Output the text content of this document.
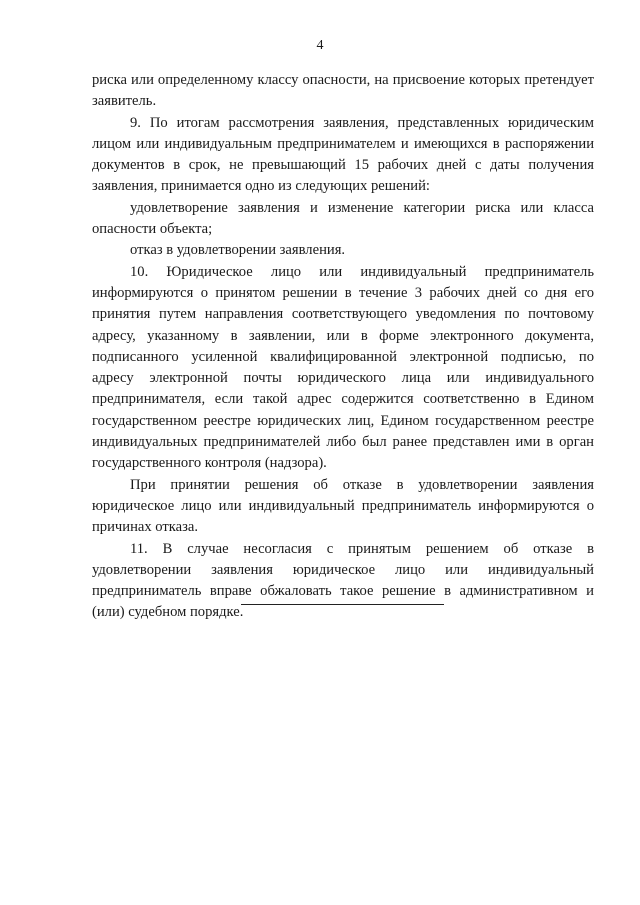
4

риска или определенному классу опасности, на присвоение которых претендует заявитель.

9. По итогам рассмотрения заявления, представленных юридическим лицом или индивидуальным предпринимателем и имеющихся в распоряжении документов в срок, не превышающий 15 рабочих дней с даты получения заявления, принимается одно из следующих решений:

удовлетворение заявления и изменение категории риска или класса опасности объекта;

отказ в удовлетворении заявления.

10. Юридическое лицо или индивидуальный предприниматель информируются о принятом решении в течение 3 рабочих дней со дня его принятия путем направления соответствующего уведомления по почтовому адресу, указанному в заявлении, или в форме электронного документа, подписанного усиленной квалифицированной электронной подписью, по адресу электронной почты юридического лица или индивидуального предпринимателя, если такой адрес содержится соответственно в Едином государственном реестре юридических лиц, Едином государственном реестре индивидуальных предпринимателей либо был ранее представлен ими в орган государственного контроля (надзора).

При принятии решения об отказе в удовлетворении заявления юридическое лицо или индивидуальный предприниматель информируются о причинах отказа.

11. В случае несогласия с принятым решением об отказе в удовлетворении заявления юридическое лицо или индивидуальный предприниматель вправе обжаловать такое решение в административном и (или) судебном порядке.
